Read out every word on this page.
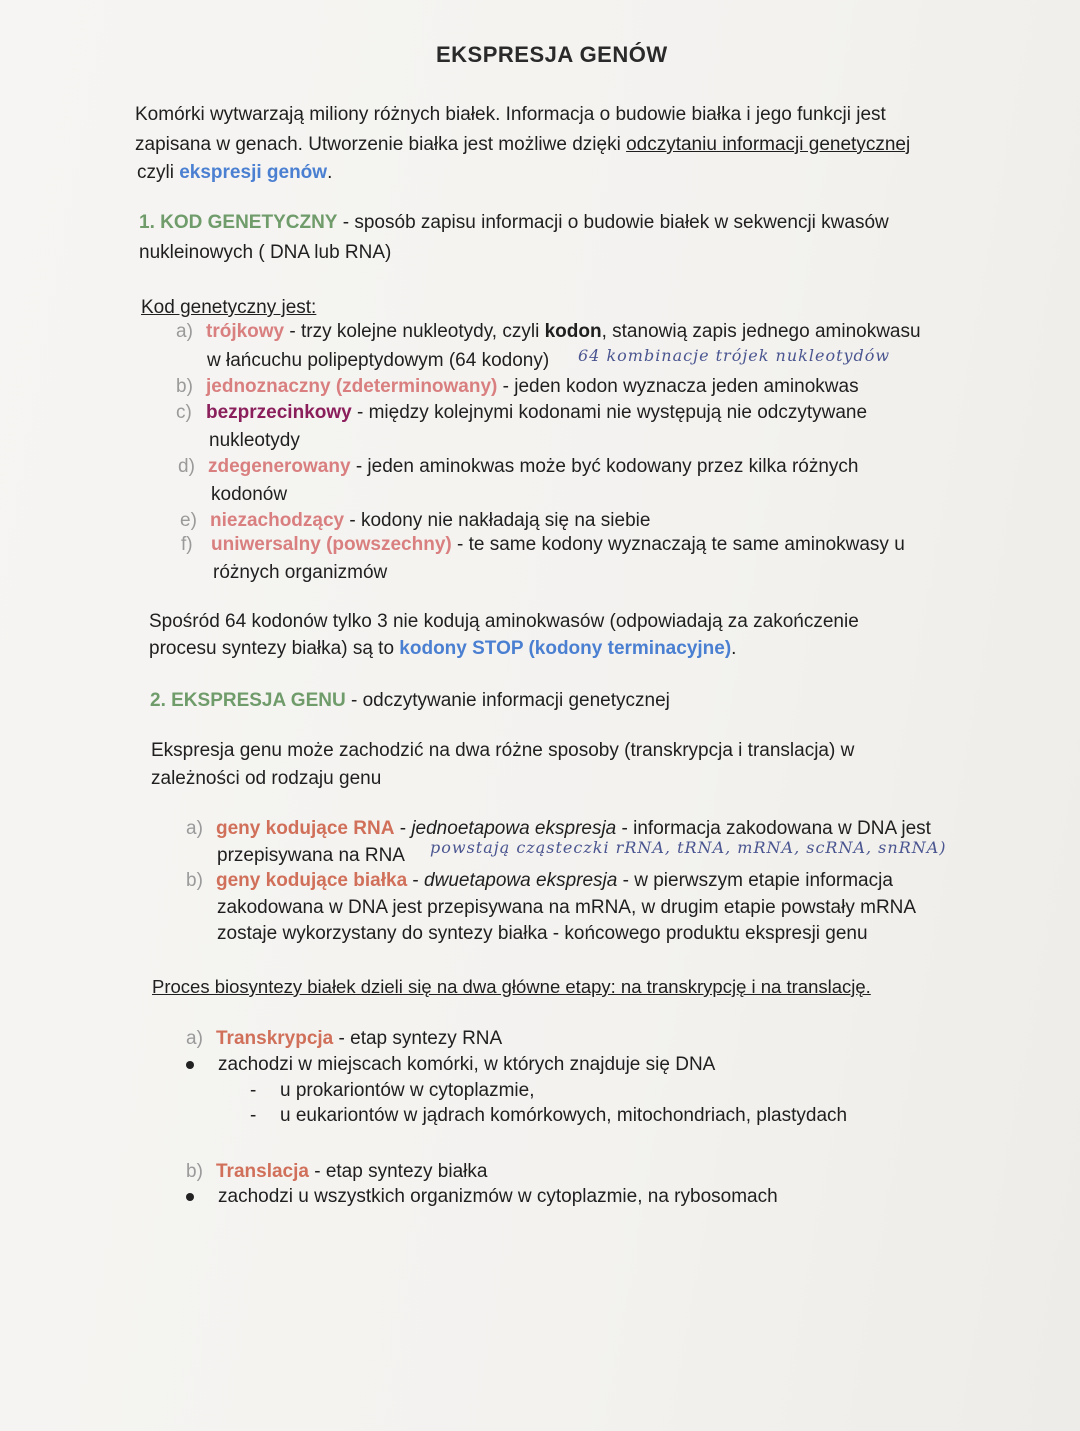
EKSPRESJA GENÓW
Komórki wytwarzają miliony różnych białek. Informacja o budowie białka i jego funkcji jest
zapisana w genach. Utworzenie białka jest możliwe dzięki odczytaniu informacji genetycznej
czyli ekspresji genów.
1. KOD GENETYCZNY - sposób zapisu informacji o budowie białek w sekwencji kwasów
nukleinowych ( DNA lub RNA)
Kod genetyczny jest:
a) trójkowy - trzy kolejne nukleotydy, czyli kodon, stanowią zapis jednego aminokwasu
w łańcuchu polipeptydowym (64 kodony) 64 kombinacje trójek nukleotydów
b) jednoznaczny (zdeterminowany) - jeden kodon wyznacza jeden aminokwas
c) bezprzecinkowy - między kolejnymi kodonami nie występują nie odczytywane
nukleotydy
d) zdegenerowany - jeden aminokwas może być kodowany przez kilka różnych
kodonów
e) niezachodzący - kodony nie nakładają się na siebie
f) uniwersalny (powszechny) - te same kodony wyznaczają te same aminokwasy u
różnych organizmów
Spośród 64 kodonów tylko 3 nie kodują aminokwasów (odpowiadają za zakończenie
procesu syntezy białka) są to kodony STOP (kodony terminacyjne).
2. EKSPRESJA GENU - odczytywanie informacji genetycznej
Ekspresja genu może zachodzić na dwa różne sposoby (transkrypcja i translacja) w
zależności od rodzaju genu
a) geny kodujące RNA - jednoetapowa ekspresja - informacja zakodowana w DNA jest
przepisywana na RNA powstają cząsteczki rRNA, tRNA, mRNA, scRNA, snRNA)
b) geny kodujące białka - dwuetapowa ekspresja - w pierwszym etapie informacja
zakodowana w DNA jest przepisywana na mRNA, w drugim etapie powstały mRNA
zostaje wykorzystany do syntezy białka - końcowego produktu ekspresji genu
Proces biosyntezy białek dzieli się na dwa główne etapy: na transkrypcję i na translację.
a) Transkrypcja - etap syntezy RNA
zachodzi w miejscach komórki, w których znajduje się DNA
- u prokariontów w cytoplazmie,
- u eukariontów w jądrach komórkowych, mitochondriach, plastydach
b) Translacja - etap syntezy białka
zachodzi u wszystkich organizmów w cytoplazmie, na rybosomach
